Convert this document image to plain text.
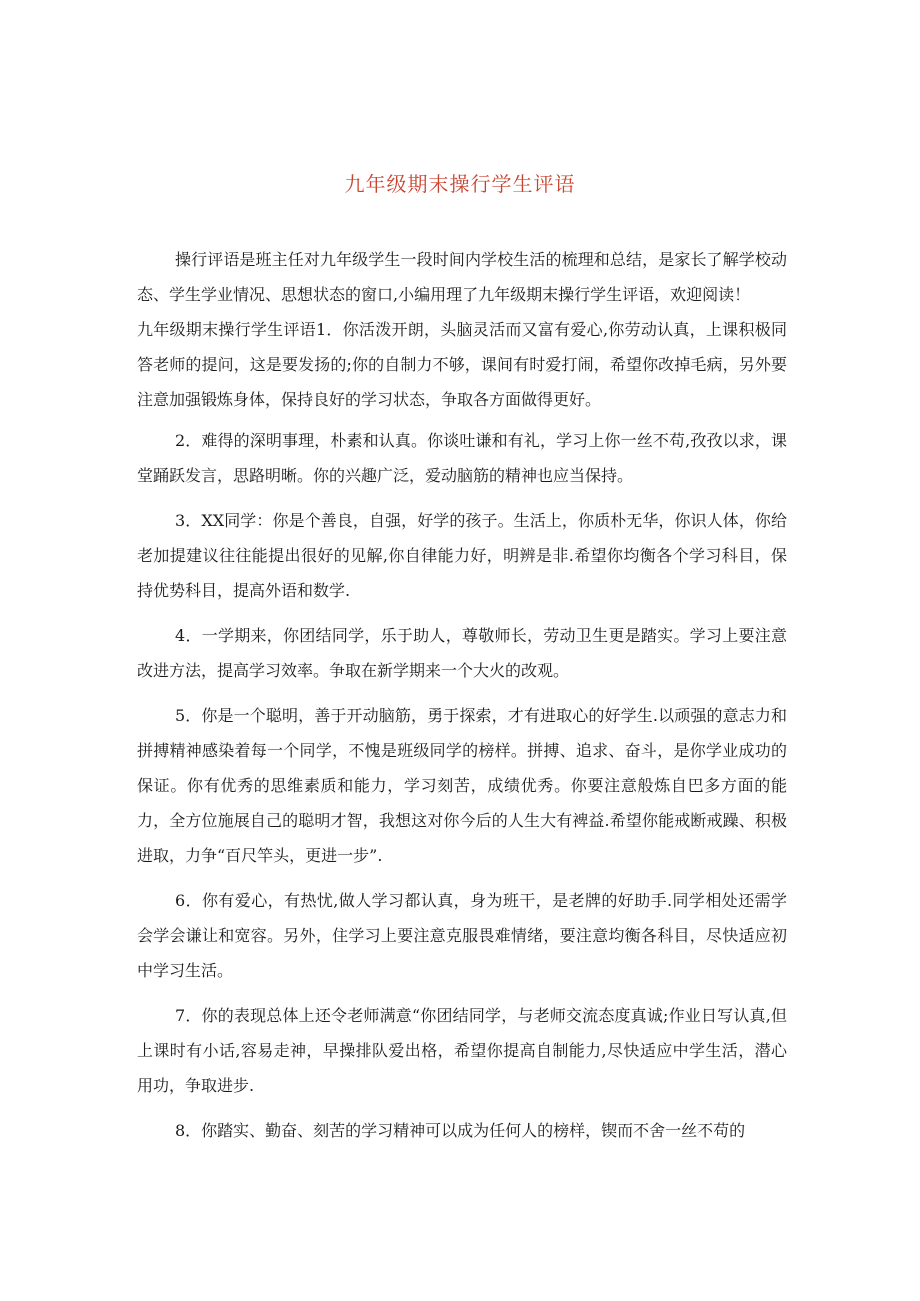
九年级期末操行学生评语

操行评语是班主任对九年级学生一段时间内学校生活的梳理和总结，是家长了解学校动态、学生学业情况、思想状态的窗口,小编用理了九年级期末操行学生评语，欢迎阅读！

九年级期末操行学生评语1．你活泼开朗，头脑灵活而又富有爱心,你劳动认真，上课积极同答老师的提问，这是要发扬的;你的自制力不够，课间有时爱打闹，希望你改掉毛病，另外要注意加强锻炼身体，保持良好的学习状态，争取各方面做得更好。

2．难得的深明事理，朴素和认真。你谈吐谦和有礼，学习上你一丝不苟,孜孜以求，课堂踊跃发言，思路明晰。你的兴趣广泛，爱动脑筋的精神也应当保持。

3．XX同学：你是个善良，自强，好学的孩子。生活上，你质朴无华，你识人体，你给老加提建议往往能提出很好的见解,你自律能力好，明辨是非.希望你均衡各个学习科目，保持优势科目，提高外语和数学.

4．一学期来，你团结同学，乐于助人，尊敬师长，劳动卫生更是踏实。学习上要注意改进方法，提高学习效率。争取在新学期来一个大火的改观。

5．你是一个聪明，善于开动脑筋，勇于探索，才有进取心的好学生.以顽强的意志力和拼搏精神感染着每一个同学，不愧是班级同学的榜样。拼搏、追求、奋斗，是你学业成功的保证。你有优秀的思维素质和能力，学习刻苦，成绩优秀。你要注意般炼自巴多方面的能力，全方位施展自己的聪明才智，我想这对你今后的人生大有裨益.希望你能戒断戒躁、积极进取，力争“百尺竿头，更进一步”.

6．你有爱心，有热忧,做人学习都认真，身为班干，是老牌的好助手.同学相处还需学会学会谦让和宽容。另外，住学习上要注意克服畏难情绪，要注意均衡各科目，尽快适应初中学习生活。

7．你的表现总体上还令老师满意“你团结同学，与老师交流态度真诚;作业日写认真,但上课时有小话,容易走神，早操排队爱出格，希望你提高自制能力,尽快适应中学生活，潜心用功，争取进步.

8．你踏实、勤奋、刻苦的学习精神可以成为任何人的榜样，锲而不舍一丝不苟的
